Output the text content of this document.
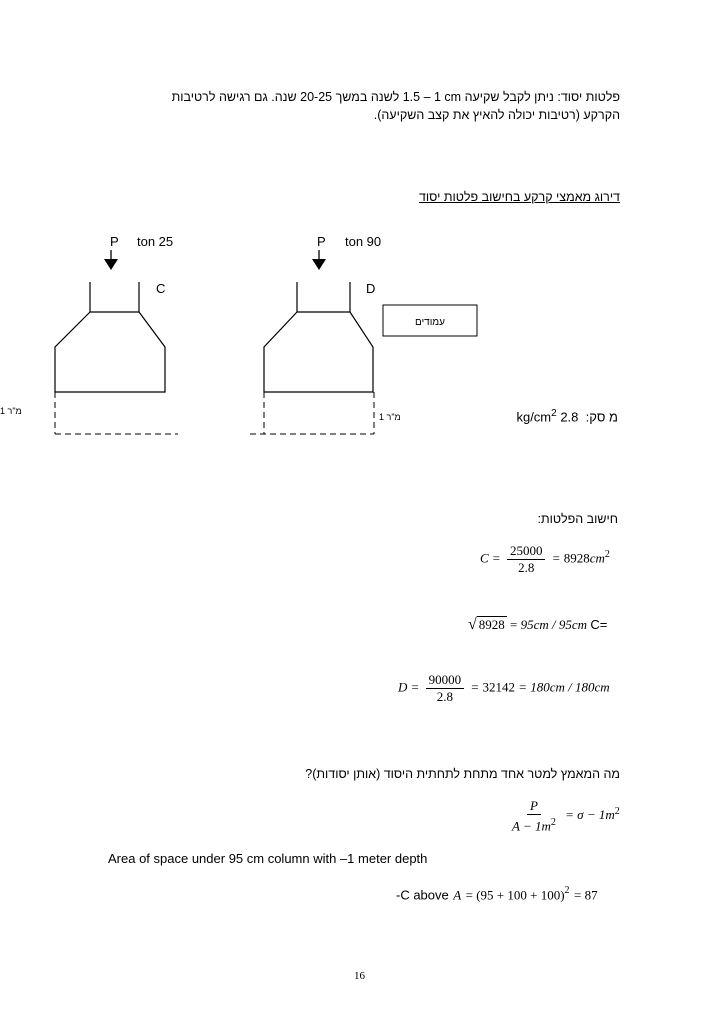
פלטות יסוד: ניתן לקבל שקיעה ‎1.5 – 1 cm‎ לשנה במשך ‎20-25‎ שנה. גם רגישה לרטיבות
הקרקע (רטיבות יכולה להאיץ את קצב השקיעה).
דירוג מאמצי קרקע בחישוב פלטות יסוד
P ton 25
C
1 מ"ר
P ton 90
D
1 מ"ר
עמודים
$kg/cm^2$ 2.8 מ סק:
חישוב הפלטות:
$C = \frac{25000}{2.8} = 8928cm^2$
√ 8928 = 95cm / 95cm C=
$D = \frac{90000}{2.8} = 32142 = 180cm / 180cm$
מה המאמץ למטר אחד מתחת לתחתית היסוד (אותן יסודות)?
$\frac{P}{A - 1m^2} = \sigma - 1m^2$
Area of space under 95 cm column with –1 meter depth
-C above $A = (95 + 100 + 100)^2 = 87$
16
